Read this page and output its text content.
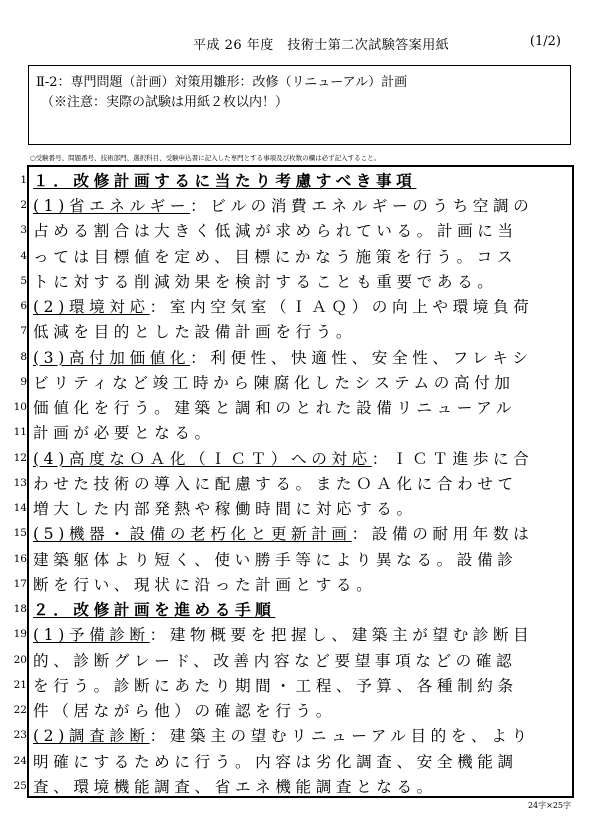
平成 26 年度　技術士第二次試験答案用紙	(1/2)
Ⅱ-2：専門問題（計画）対策用雛形：改修（リニューアル）計画
（※注意：実際の試験は用紙２枚以内！）
○受験番号、問題番号、技術部門、選択科目、受験申込書に記入した専門とする事項及び枚数の欄は必ず記入すること。
1 １．改修計画するに当たり考慮すべき事項
2 (1)省エネルギー：ビルの消費エネルギーのうち空調の
3 占める割合は大きく低減が求められている。計画に当
4 っては目標値を定め、目標にかなう施策を行う。コス
5 トに対する削減効果を検討することも重要である。
6 (2)環境対応：室内空気室（ＩＡＱ）の向上や環境負荷
7 低減を目的とした設備計画を行う。
8 (3)高付加価値化：利便性、快適性、安全性、フレキシ
9 ビリティなど竣工時から陳腐化したシステムの高付加
10 価値化を行う。建築と調和のとれた設備リニューアル
11 計画が必要となる。
12 (4)高度なＯＡ化（ＩＣＴ）への対応：ＩＣＴ進歩に合
13 わせた技術の導入に配慮する。またＯＡ化に合わせて
14 増大した内部発熱や稼働時間に対応する。
15 (5)機器・設備の老朽化と更新計画：設備の耐用年数は
16 建築躯体より短く、使い勝手等により異なる。設備診
17 断を行い、現状に沿った計画とする。
18 ２．改修計画を進める手順
19 (1)予備診断：建物概要を把握し、建築主が望む診断目
20 的、診断グレード、改善内容など要望事項などの確認
21 を行う。診断にあたり期間・工程、予算、各種制約条
22 件（居ながら他）の確認を行う。
23 (2)調査診断：建築主の望むリニューアル目的を、より
24 明確にするために行う。内容は劣化調査、安全機能調
25 査、環境機能調査、省エネ機能調査となる。
24字×25字
